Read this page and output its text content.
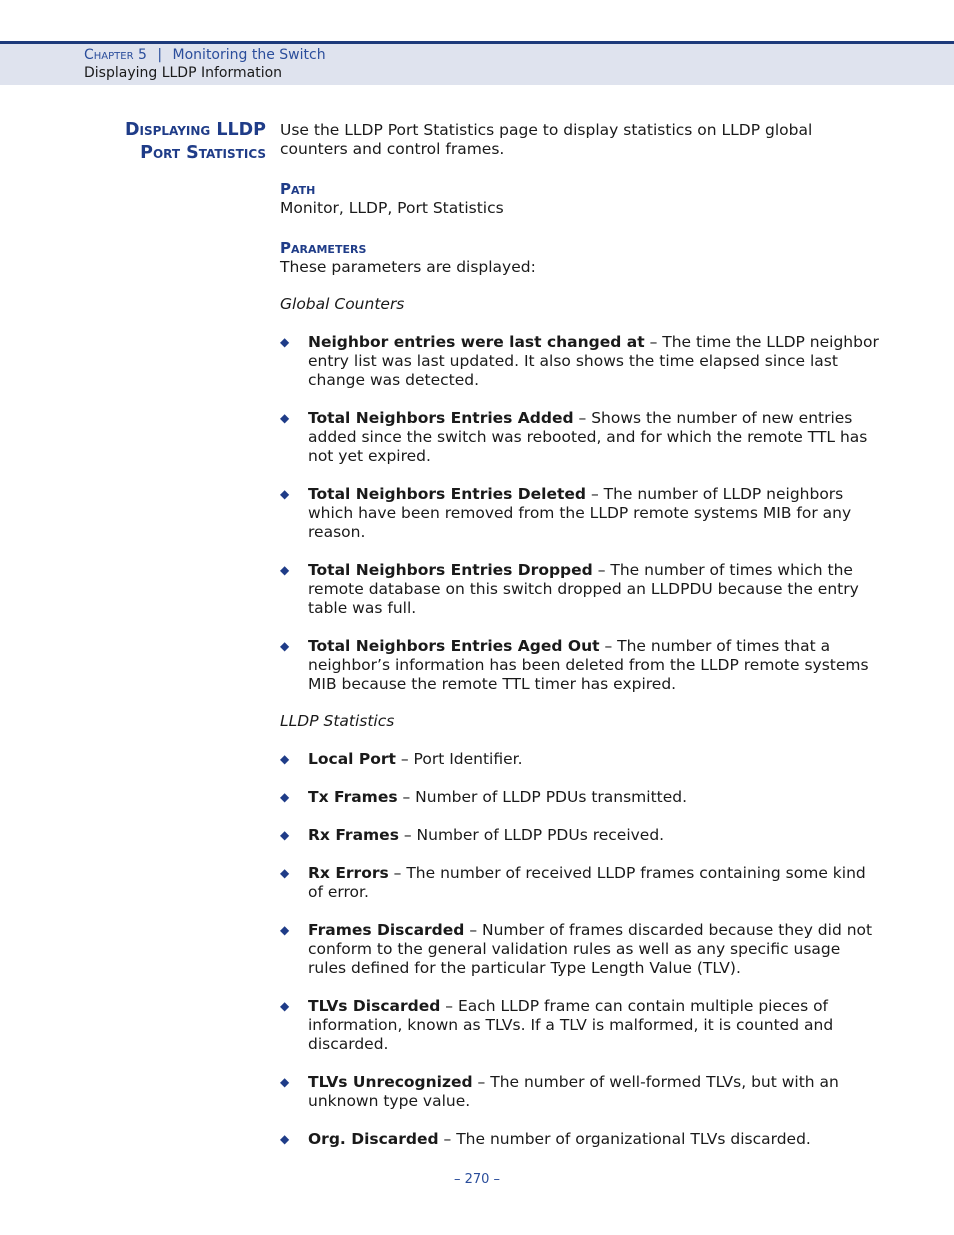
Chapter 5 | Monitoring the Switch
Displaying LLDP Information
Displaying LLDP
Port Statistics

Use the LLDP Port Statistics page to display statistics on LLDP global counters and control frames.

Path

Monitor, LLDP, Port Statistics

Parameters

These parameters are displayed:

Global Counters

◆ Neighbor entries were last changed at – The time the LLDP neighbor entry list was last updated. It also shows the time elapsed since last change was detected.
◆ Total Neighbors Entries Added – Shows the number of new entries added since the switch was rebooted, and for which the remote TTL has not yet expired.
◆ Total Neighbors Entries Deleted – The number of LLDP neighbors which have been removed from the LLDP remote systems MIB for any reason.
◆ Total Neighbors Entries Dropped – The number of times which the remote database on this switch dropped an LLDPDU because the entry table was full.
◆ Total Neighbors Entries Aged Out – The number of times that a neighbor’s information has been deleted from the LLDP remote systems MIB because the remote TTL timer has expired.

LLDP Statistics

◆ Local Port – Port Identifier.
◆ Tx Frames – Number of LLDP PDUs transmitted.
◆ Rx Frames – Number of LLDP PDUs received.
◆ Rx Errors – The number of received LLDP frames containing some kind of error.
◆ Frames Discarded – Number of frames discarded because they did not conform to the general validation rules as well as any specific usage rules defined for the particular Type Length Value (TLV).
◆ TLVs Discarded – Each LLDP frame can contain multiple pieces of information, known as TLVs. If a TLV is malformed, it is counted and discarded.
◆ TLVs Unrecognized – The number of well-formed TLVs, but with an unknown type value.
◆ Org. Discarded – The number of organizational TLVs discarded.
– 270 –
